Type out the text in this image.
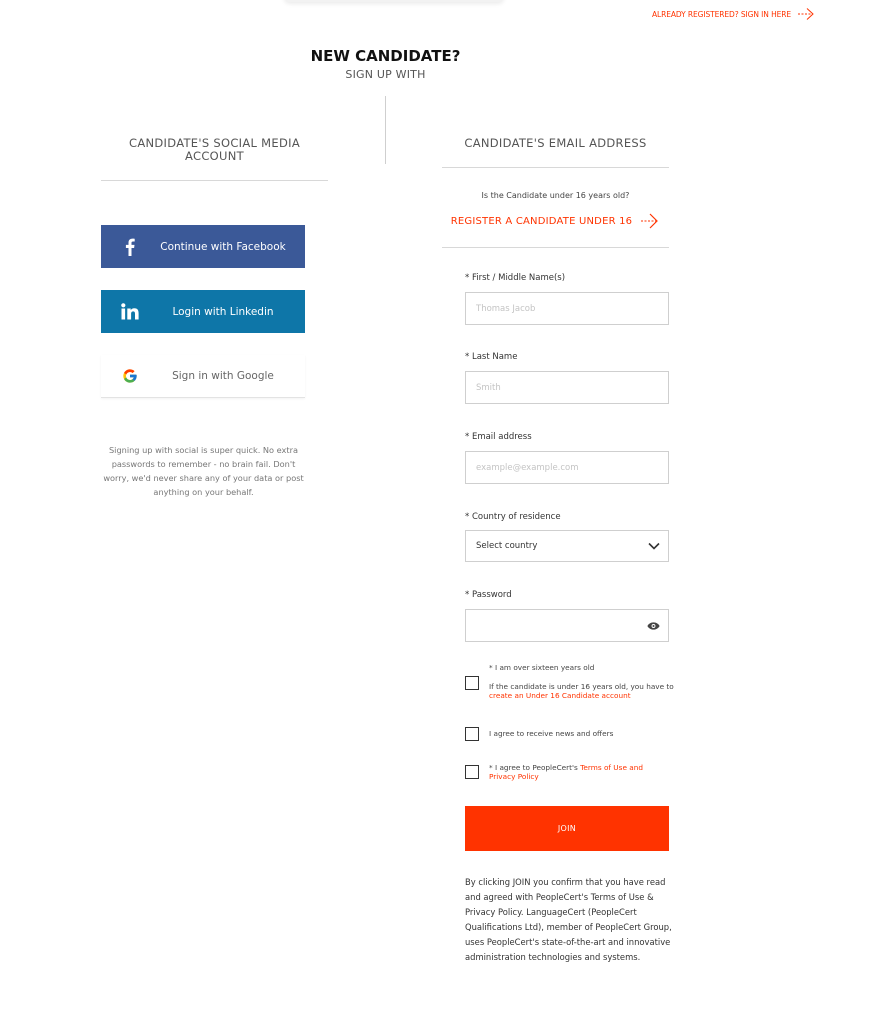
ALREADY REGISTERED? SIGN IN HERE
NEW CANDIDATE?
SIGN UP WITH
CANDIDATE'S SOCIAL MEDIA ACCOUNT
Continue with Facebook
Login with Linkedin
Sign in with Google
Signing up with social is super quick. No extra passwords to remember - no brain fail. Don't worry, we'd never share any of your data or post anything on your behalf.
CANDIDATE'S EMAIL ADDRESS
Is the Candidate under 16 years old?
REGISTER A CANDIDATE UNDER 16
* First / Middle Name(s)
Thomas Jacob
* Last Name
Smith
* Email address
example@example.com
* Country of residence
Select country
* Password
* I am over sixteen years old
If the candidate is under 16 years old, you have to create an Under 16 Candidate account
I agree to receive news and offers
* I agree to PeopleCert's Terms of Use and Privacy Policy
JOIN
By clicking JOIN you confirm that you have read and agreed with PeopleCert's Terms of Use & Privacy Policy. LanguageCert (PeopleCert Qualifications Ltd), member of PeopleCert Group, uses PeopleCert's state-of-the-art and innovative administration technologies and systems.
